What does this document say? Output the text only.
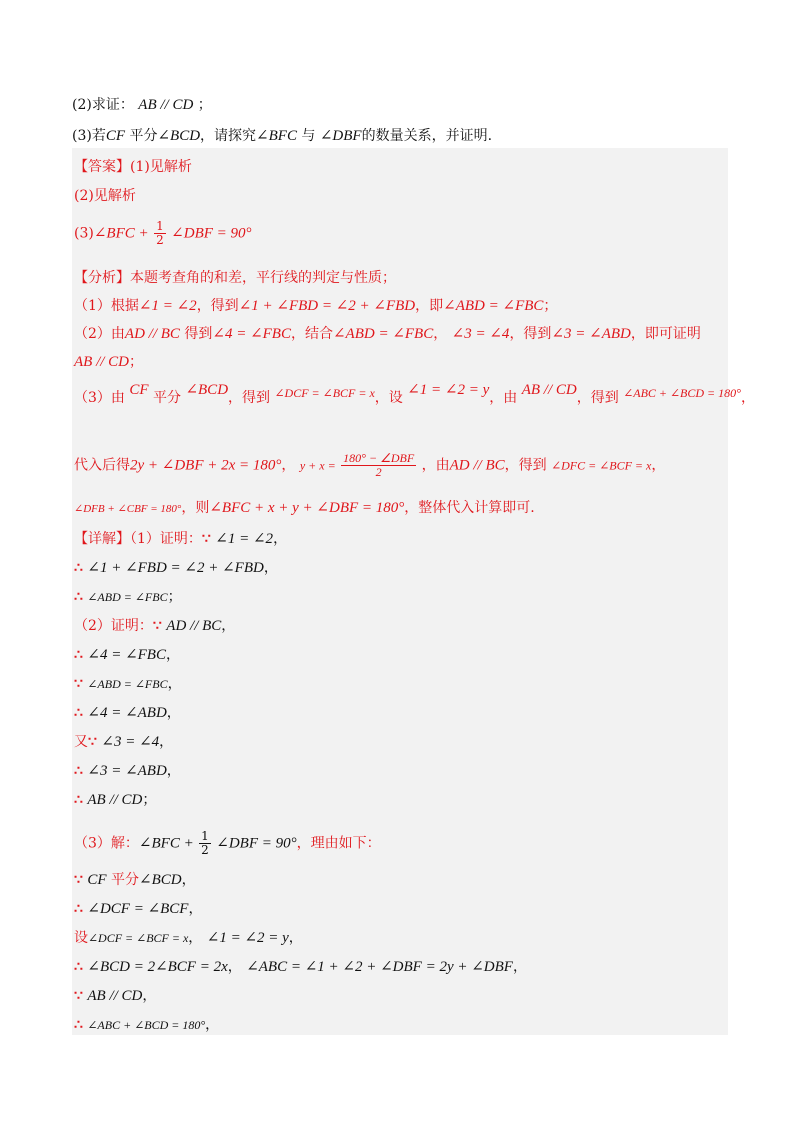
(2)求证： AB // CD ；
(3)若CF 平分∠BCD，请探究∠BFC 与 ∠DBF的数量关系，并证明.
【答案】(1)见解析
(2)见解析
(3)∠BFC + $\frac{1}{2}$ ∠DBF = 90°
【分析】本题考查角的和差，平行线的判定与性质；
（1）根据∠1 = ∠2，得到∠1 + ∠FBD = ∠2 + ∠FBD，即∠ABD = ∠FBC；
（2）由AD // BC 得到∠4 = ∠FBC，结合∠ABD = ∠FBC， ∠3 = ∠4，得到∠3 = ∠ABD，即可证明
AB // CD；
（3）由 CF 平分 ∠BCD，得到 ∠DCF = ∠BCF = x，设 ∠1 = ∠2 = y，由 AB // CD，得到 ∠ABC + ∠BCD = 180°，
代入后得2y + ∠DBF + 2x = 180°， $y + x = \frac{\text{180° − ∠DBF}}{2}$ ，由AD // BC，得到 ∠DFC = ∠BCF = x，
∠DFB + ∠CBF = 180°，则∠BFC + x + y + ∠DBF = 180°，整体代入计算即可.
【详解】（1）证明：∵ ∠1 = ∠2，
∴ ∠1 + ∠FBD = ∠2 + ∠FBD，
∴ ∠ABD = ∠FBC；
（2）证明：∵ AD // BC，
∴ ∠4 = ∠FBC，
∵ ∠ABD = ∠FBC，
∴ ∠4 = ∠ABD，
又∵ ∠3 = ∠4，
∴ ∠3 = ∠ABD，
∴ AB // CD；
（3）解：∠BFC + $\frac{1}{2}$ ∠DBF = 90°，理由如下：
∵ CF 平分∠BCD，
∴ ∠DCF = ∠BCF，
设∠DCF = ∠BCF = x， ∠1 = ∠2 = y，
∴ ∠BCD = 2∠BCF = 2x， ∠ABC = ∠1 + ∠2 + ∠DBF = 2y + ∠DBF，
∵ AB // CD，
∴ ∠ABC + ∠BCD = 180°，
